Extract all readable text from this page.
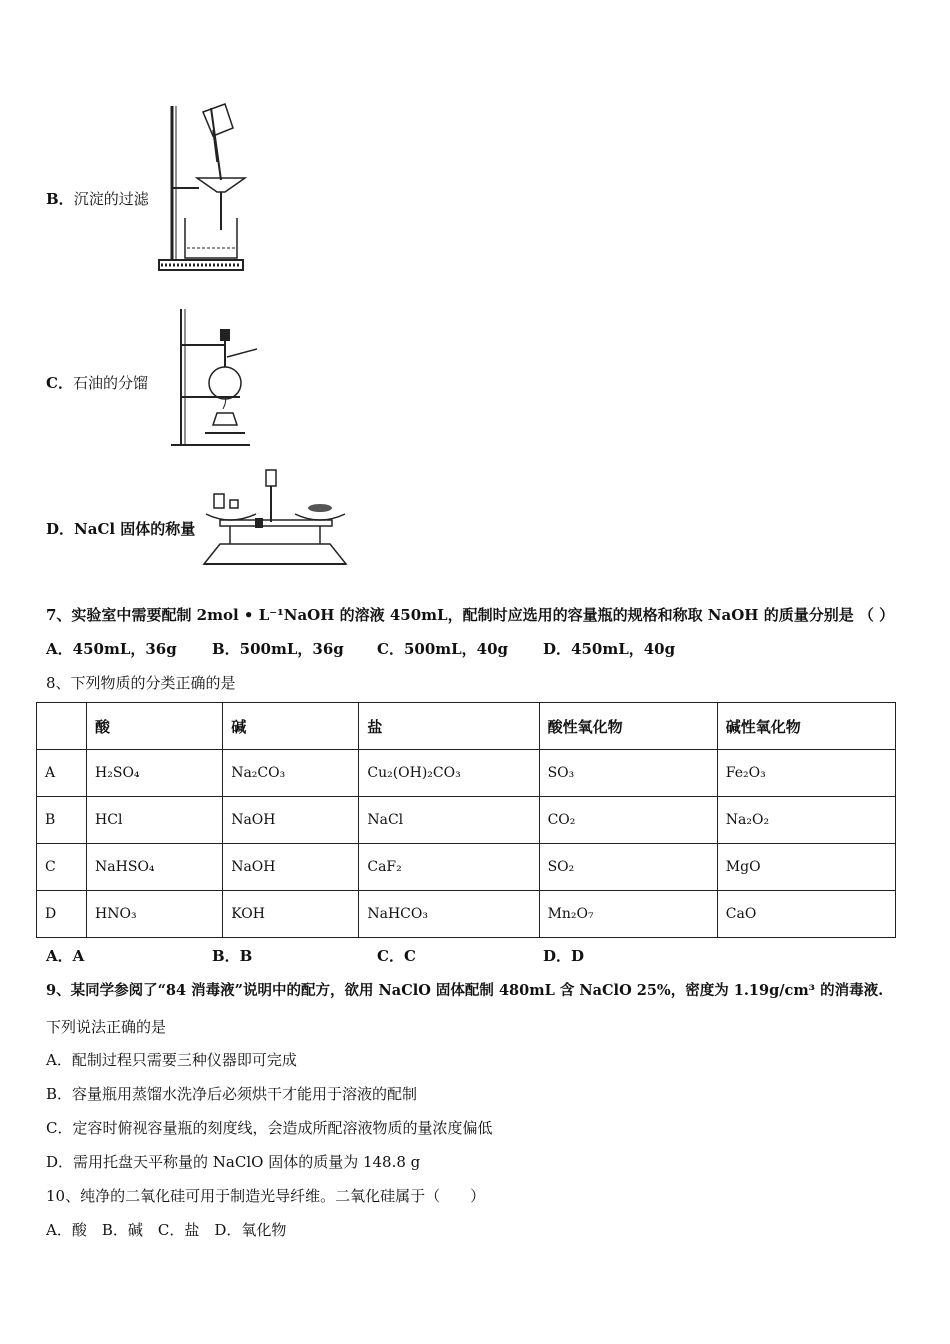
B．沉淀的过滤
C．石油的分馏
D．NaCl 固体的称量
7、实验室中需要配制 2mol • L⁻¹NaOH 的溶液 450mL，配制时应选用的容量瓶的规格和称取 NaOH 的质量分别是 （ ）
A．450mL，36g B．500mL，36g C．500mL，40g D．450mL，40g
8、下列物质的分类正确的是
	酸	碱	盐	酸性氧化物	碱性氧化物
A	H₂SO₄	Na₂CO₃	Cu₂(OH)₂CO₃	SO₃	Fe₂O₃
B	HCl	NaOH	NaCl	CO₂	Na₂O₂
C	NaHSO₄	NaOH	CaF₂	SO₂	MgO
D	HNO₃	KOH	NaHCO₃	Mn₂O₇	CaO
A．A	B．B	C．C	D．D
9、某同学参阅了“84 消毒液”说明中的配方，欲用 NaClO 固体配制 480mL 含 NaClO 25%，密度为 1.19g/cm³ 的消毒液.
下列说法正确的是
A．配制过程只需要三种仪器即可完成
B．容量瓶用蒸馏水洗净后必须烘干才能用于溶液的配制
C．定容时俯视容量瓶的刻度线，会造成所配溶液物质的量浓度偏低
D．需用托盘天平称量的 NaClO 固体的质量为 148.8 g
10、纯净的二氧化硅可用于制造光导纤维。二氧化硅属于（　　）
A．酸　B．碱　C．盐　D．氧化物
